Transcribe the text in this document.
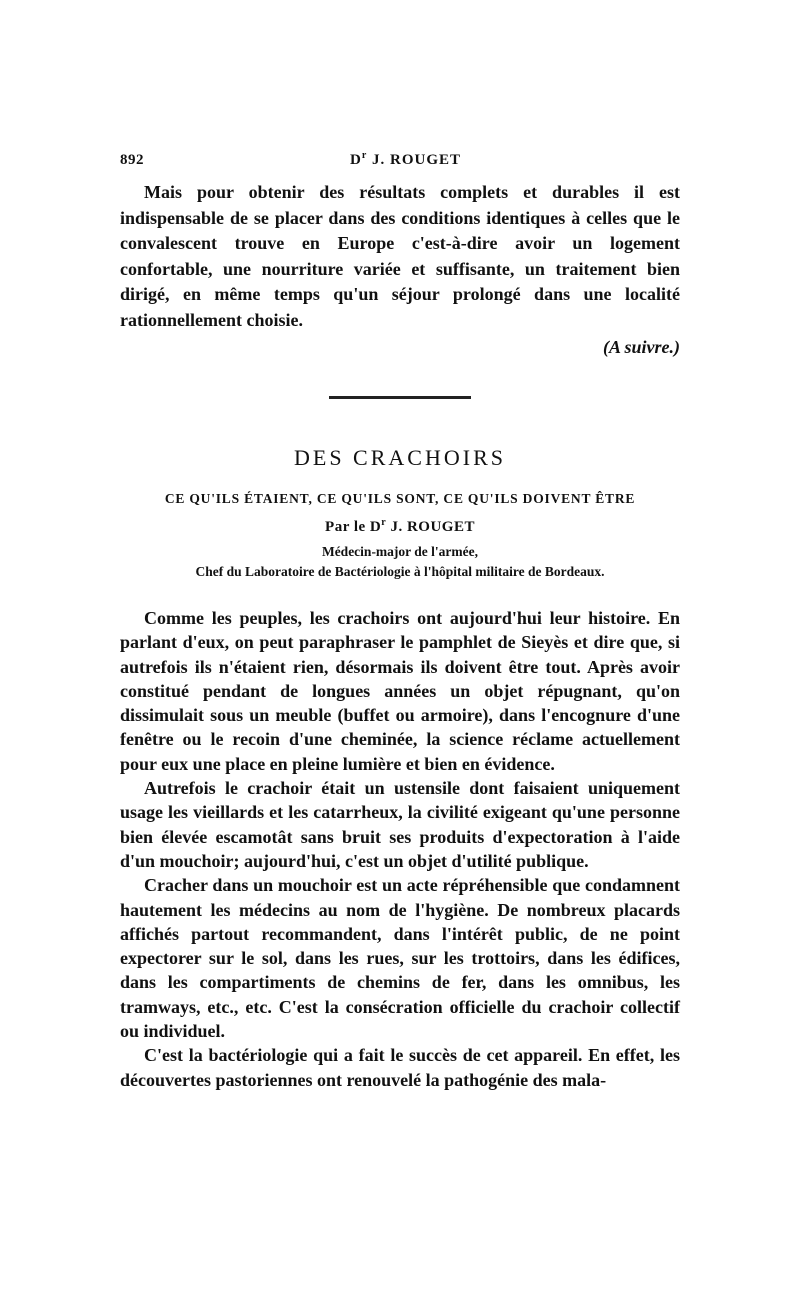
892	$D^r$ J. ROUGET

Mais pour obtenir des résultats complets et durables il est indispensable de se placer dans des conditions identiques à celles que le convalescent trouve en Europe c'est-à-dire avoir un logement confortable, une nourriture variée et suffisante, un traitement bien dirigé, en même temps qu'un séjour prolongé dans une localité rationnellement choisie.

(A suivre.)

DES CRACHOIRS

CE QU'ILS ÉTAIENT, CE QU'ILS SONT, CE QU'ILS DOIVENT ÊTRE

Par le $D^r$ J. ROUGET

Médecin-major de l'armée,
Chef du Laboratoire de Bactériologie à l'hôpital militaire de Bordeaux.

Comme les peuples, les crachoirs ont aujourd'hui leur histoire. En parlant d'eux, on peut paraphraser le pamphlet de Sieyès et dire que, si autrefois ils n'étaient rien, désormais ils doivent être tout. Après avoir constitué pendant de longues années un objet répugnant, qu'on dissimulait sous un meuble (buffet ou armoire), dans l'encognure d'une fenêtre ou le recoin d'une cheminée, la science réclame actuellement pour eux une place en pleine lumière et bien en évidence.

Autrefois le crachoir était un ustensile dont faisaient uniquement usage les vieillards et les catarrheux, la civilité exigeant qu'une personne bien élevée escamotât sans bruit ses produits d'expectoration à l'aide d'un mouchoir; aujourd'hui, c'est un objet d'utilité publique.

Cracher dans un mouchoir est un acte répréhensible que condamnent hautement les médecins au nom de l'hygiène. De nombreux placards affichés partout recommandent, dans l'intérêt public, de ne point expectorer sur le sol, dans les rues, sur les trottoirs, dans les édifices, dans les compartiments de chemins de fer, dans les omnibus, les tramways, etc., etc. C'est la consécration officielle du crachoir collectif ou individuel.

C'est la bactériologie qui a fait le succès de cet appareil. En effet, les découvertes pastoriennes ont renouvelé la pathogénie des mala-
